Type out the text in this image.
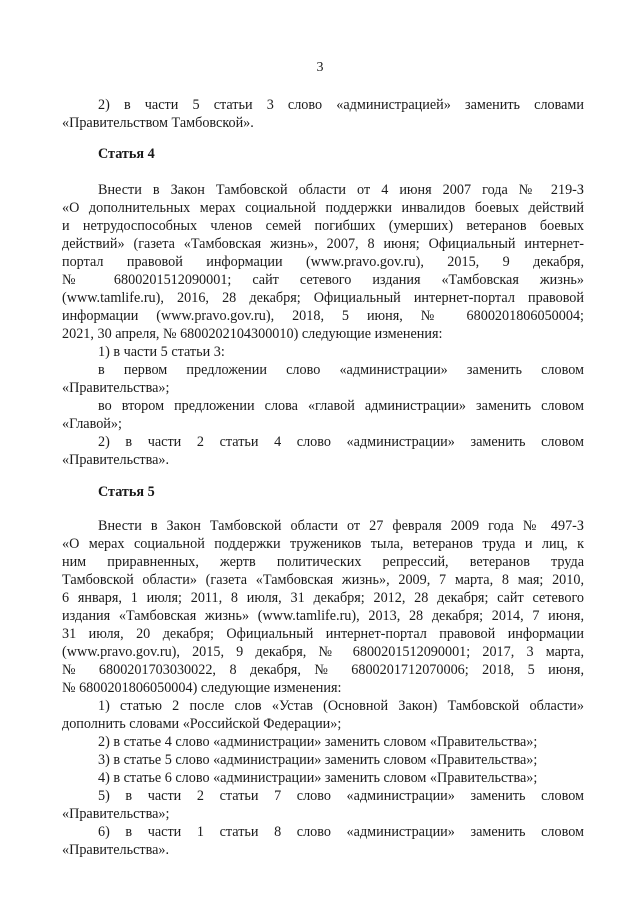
3
2) в части 5 статьи 3 слово «администрацией» заменить словами
«Правительством Тамбовской».
Статья 4
Внести в Закон Тамбовской области от 4 июня 2007 года № 219-З
«О дополнительных мерах социальной поддержки инвалидов боевых действий
и нетрудоспособных членов семей погибших (умерших) ветеранов боевых
действий» (газета «Тамбовская жизнь», 2007, 8 июня; Официальный интернет-
портал правовой информации (www.pravo.gov.ru), 2015, 9 декабря,
№ 6800201512090001; сайт сетевого издания «Тамбовская жизнь»
(www.tamlife.ru), 2016, 28 декабря; Официальный интернет-портал правовой
информации (www.pravo.gov.ru), 2018, 5 июня, № 6800201806050004;
2021, 30 апреля, № 6800202104300010) следующие изменения:
1) в части 5 статьи 3:
в первом предложении слово «администрации» заменить словом
«Правительства»;
во втором предложении слова «главой администрации» заменить словом
«Главой»;
2) в части 2 статьи 4 слово «администрации» заменить словом
«Правительства».
Статья 5
Внести в Закон Тамбовской области от 27 февраля 2009 года № 497-З
«О мерах социальной поддержки тружеников тыла, ветеранов труда и лиц, к
ним приравненных, жертв политических репрессий, ветеранов труда
Тамбовской области» (газета «Тамбовская жизнь», 2009, 7 марта, 8 мая; 2010,
6 января, 1 июля; 2011, 8 июля, 31 декабря; 2012, 28 декабря; сайт сетевого
издания «Тамбовская жизнь» (www.tamlife.ru), 2013, 28 декабря; 2014, 7 июня,
31 июля, 20 декабря; Официальный интернет-портал правовой информации
(www.pravo.gov.ru), 2015, 9 декабря, № 6800201512090001; 2017, 3 марта,
№ 6800201703030022, 8 декабря, № 6800201712070006; 2018, 5 июня,
№ 6800201806050004) следующие изменения:
1) статью 2 после слов «Устав (Основной Закон) Тамбовской области»
дополнить словами «Российской Федерации»;
2) в статье 4 слово «администрации» заменить словом «Правительства»;
3) в статье 5 слово «администрации» заменить словом «Правительства»;
4) в статье 6 слово «администрации» заменить словом «Правительства»;
5) в части 2 статьи 7 слово «администрации» заменить словом
«Правительства»;
6) в части 1 статьи 8 слово «администрации» заменить словом
«Правительства».
